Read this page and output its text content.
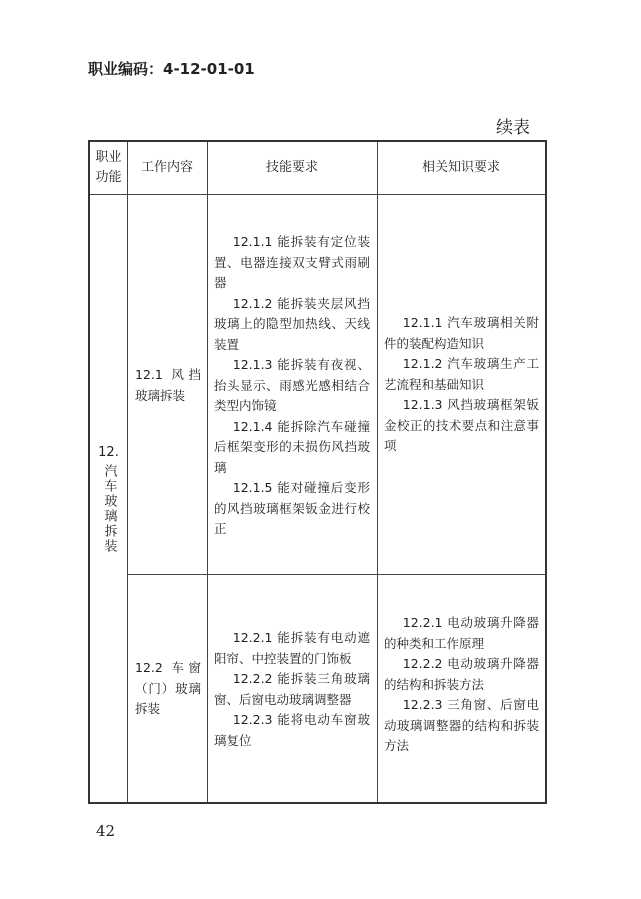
职业编码：4-12-01-01
续表
职业
功能
工作内容	技能要求	相关知识要求
12.
汽车玻璃拆装
12.1 风挡玻璃拆装

12.1.1 能拆装有定位装置、电器连接双支臂式雨刷器

12.1.2 能拆装夹层风挡玻璃上的隐型加热线、天线装置

12.1.3 能拆装有夜视、抬头显示、雨感光感相结合类型内饰镜

12.1.4 能拆除汽车碰撞后框架变形的未损伤风挡玻璃

12.1.5 能对碰撞后变形的风挡玻璃框架钣金进行校正

12.1.1 汽车玻璃相关附件的装配构造知识

12.1.2 汽车玻璃生产工艺流程和基础知识

12.1.3 风挡玻璃框架钣金校正的技术要点和注意事项

12.2 车窗（门）玻璃拆装

12.2.1 能拆装有电动遮阳帘、中控装置的门饰板

12.2.2 能拆装三角玻璃窗、后窗电动玻璃调整器

12.2.3 能将电动车窗玻璃复位

12.2.1 电动玻璃升降器的种类和工作原理

12.2.2 电动玻璃升降器的结构和拆装方法

12.2.3 三角窗、后窗电动玻璃调整器的结构和拆装方法

42
